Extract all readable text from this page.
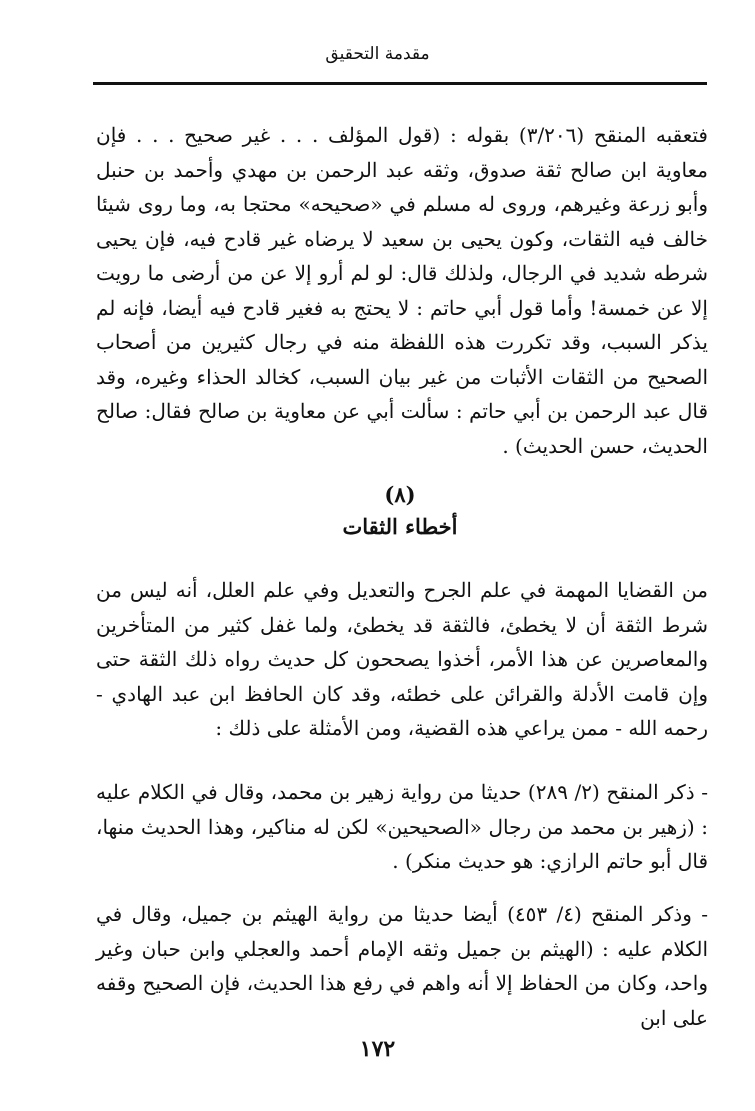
مقدمة التحقيق

فتعقبه المنقح (٣/٢٠٦) بقوله : (قول المؤلف . . . غير صحيح . . . فإن معاوية ابن صالح ثقة صدوق، وثقه عبد الرحمن بن مهدي وأحمد بن حنبل وأبو زرعة وغيرهم، وروى له مسلم في «صحيحه» محتجا به، وما روى شيئا خالف فيه الثقات، وكون يحيى بن سعيد لا يرضاه غير قادح فيه، فإن يحيى شرطه شديد في الرجال، ولذلك قال: لو لم أرو إلا عن من أرضى ما رويت إلا عن خمسة! وأما قول أبي حاتم : لا يحتج به فغير قادح فيه أيضا، فإنه لم يذكر السبب، وقد تكررت هذه اللفظة منه في رجال كثيرين من أصحاب الصحيح من الثقات الأثبات من غير بيان السبب، كخالد الحذاء وغيره، وقد قال عبد الرحمن بن أبي حاتم : سألت أبي عن معاوية بن صالح فقال: صالح الحديث، حسن الحديث) .

(٨)
أخطاء الثقات

من القضايا المهمة في علم الجرح والتعديل وفي علم العلل، أنه ليس من شرط الثقة أن لا يخطئ، فالثقة قد يخطئ، ولما غفل كثير من المتأخرين والمعاصرين عن هذا الأمر، أخذوا يصححون كل حديث رواه ذلك الثقة حتى وإن قامت الأدلة والقرائن على خطئه، وقد كان الحافظ ابن عبد الهادي - رحمه الله - ممن يراعي هذه القضية، ومن الأمثلة على ذلك :

- ذكر المنقح (٢/ ٢٨٩) حديثا من رواية زهير بن محمد، وقال في الكلام عليه : (زهير بن محمد من رجال «الصحيحين» لكن له مناكير، وهذا الحديث منها، قال أبو حاتم الرازي: هو حديث منكر) .

- وذكر المنقح (٤/ ٤٥٣) أيضا حديثا من رواية الهيثم بن جميل، وقال في الكلام عليه : (الهيثم بن جميل وثقه الإمام أحمد والعجلي وابن حبان وغير واحد، وكان من الحفاظ إلا أنه واهم في رفع هذا الحديث، فإن الصحيح وقفه على ابن

١٧٢
